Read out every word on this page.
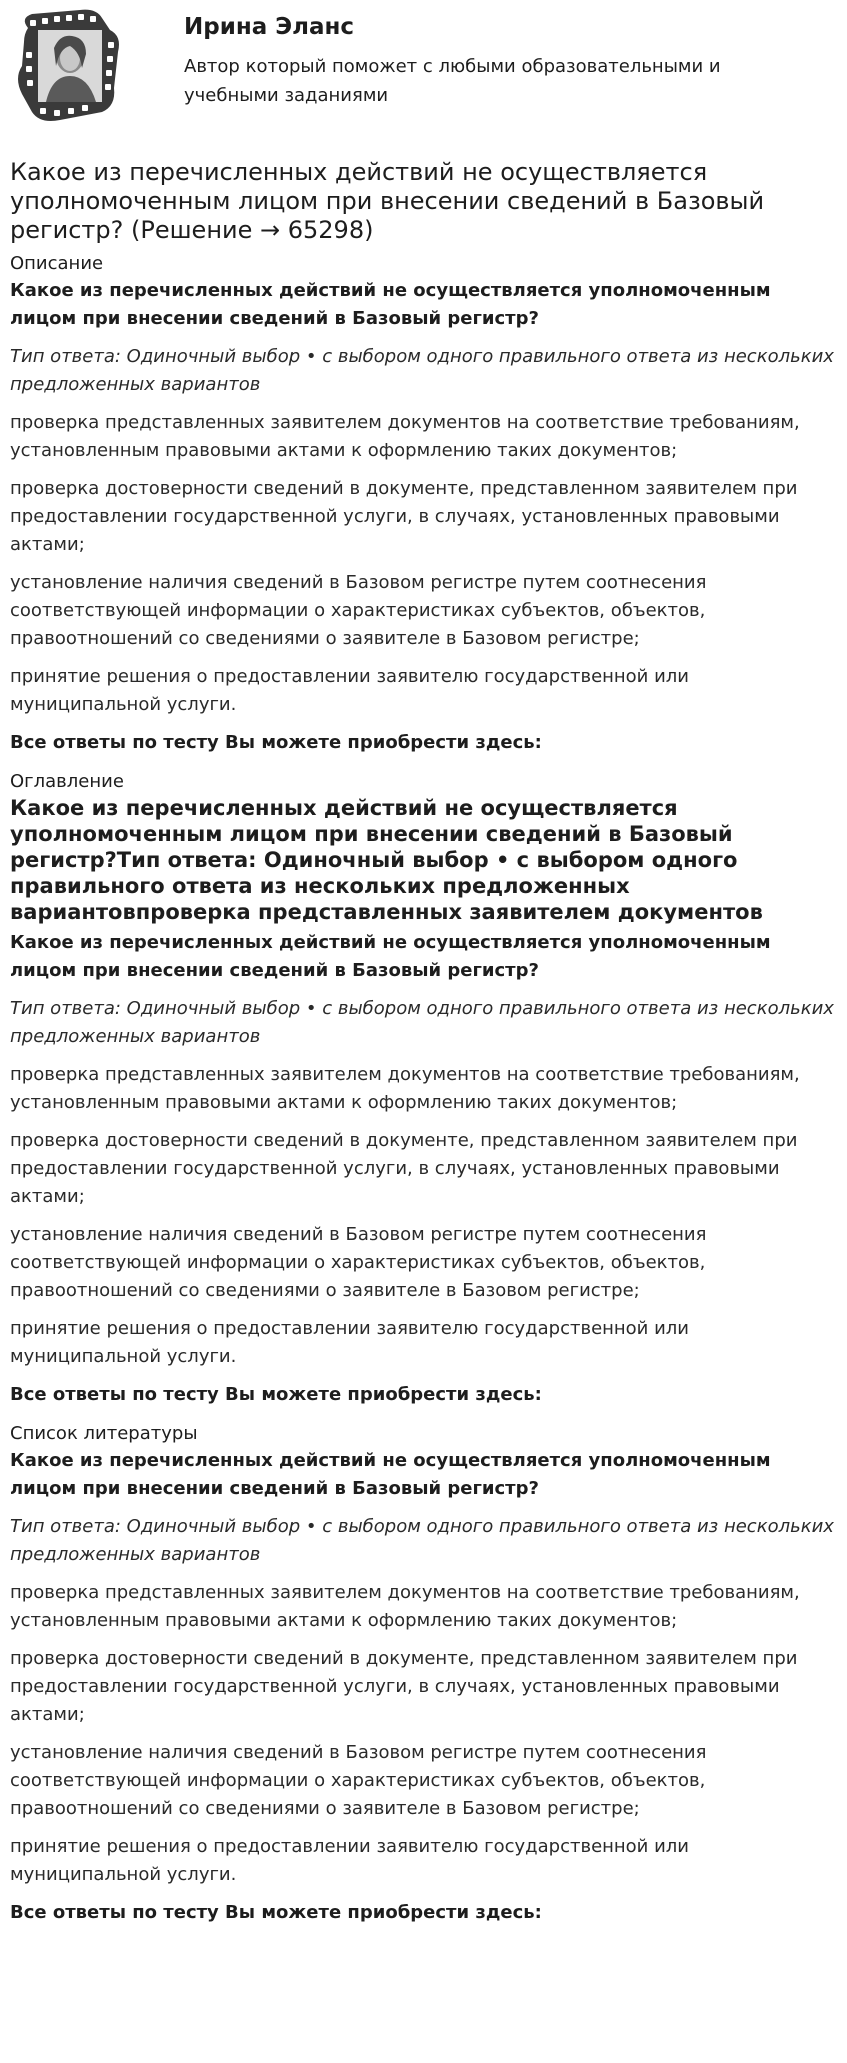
Ирина Эланс
Автор который поможет с любыми образовательными и учебными заданиями
Какое из перечисленных действий не осуществляется уполномоченным лицом при внесении сведений в Базовый регистр? (Решение → 65298)
Описание

Какое из перечисленных действий не осуществляется уполномоченным лицом при внесении сведений в Базовый регистр?

Тип ответа: Одиночный выбор • с выбором одного правильного ответа из нескольких предложенных вариантов

проверка представленных заявителем документов на соответствие требованиям, установленным правовыми актами к оформлению таких документов;

проверка достоверности сведений в документе, представленном заявителем при предоставлении государственной услуги, в случаях, установленных правовыми актами;

установление наличия сведений в Базовом регистре путем соотнесения соответствующей информации о характеристиках субъектов, объектов, правоотношений со сведениями о заявителе в Базовом регистре;

принятие решения о предоставлении заявителю государственной или муниципальной услуги.

Все ответы по тесту Вы можете приобрести здесь:

Оглавление
Какое из перечисленных действий не осуществляется уполномоченным лицом при внесении сведений в Базовый регистр?Тип ответа: Одиночный выбор • с выбором одного правильного ответа из нескольких предложенных вариантовпроверка представленных заявителем документов

Какое из перечисленных действий не осуществляется уполномоченным лицом при внесении сведений в Базовый регистр?

Тип ответа: Одиночный выбор • с выбором одного правильного ответа из нескольких предложенных вариантов

проверка представленных заявителем документов на соответствие требованиям, установленным правовыми актами к оформлению таких документов;

проверка достоверности сведений в документе, представленном заявителем при предоставлении государственной услуги, в случаях, установленных правовыми актами;

установление наличия сведений в Базовом регистре путем соотнесения соответствующей информации о характеристиках субъектов, объектов, правоотношений со сведениями о заявителе в Базовом регистре;

принятие решения о предоставлении заявителю государственной или муниципальной услуги.

Все ответы по тесту Вы можете приобрести здесь:

Список литературы

Какое из перечисленных действий не осуществляется уполномоченным лицом при внесении сведений в Базовый регистр?

Тип ответа: Одиночный выбор • с выбором одного правильного ответа из нескольких предложенных вариантов

проверка представленных заявителем документов на соответствие требованиям, установленным правовыми актами к оформлению таких документов;

проверка достоверности сведений в документе, представленном заявителем при предоставлении государственной услуги, в случаях, установленных правовыми актами;

установление наличия сведений в Базовом регистре путем соотнесения соответствующей информации о характеристиках субъектов, объектов, правоотношений со сведениями о заявителе в Базовом регистре;

принятие решения о предоставлении заявителю государственной или муниципальной услуги.

Все ответы по тесту Вы можете приобрести здесь:
